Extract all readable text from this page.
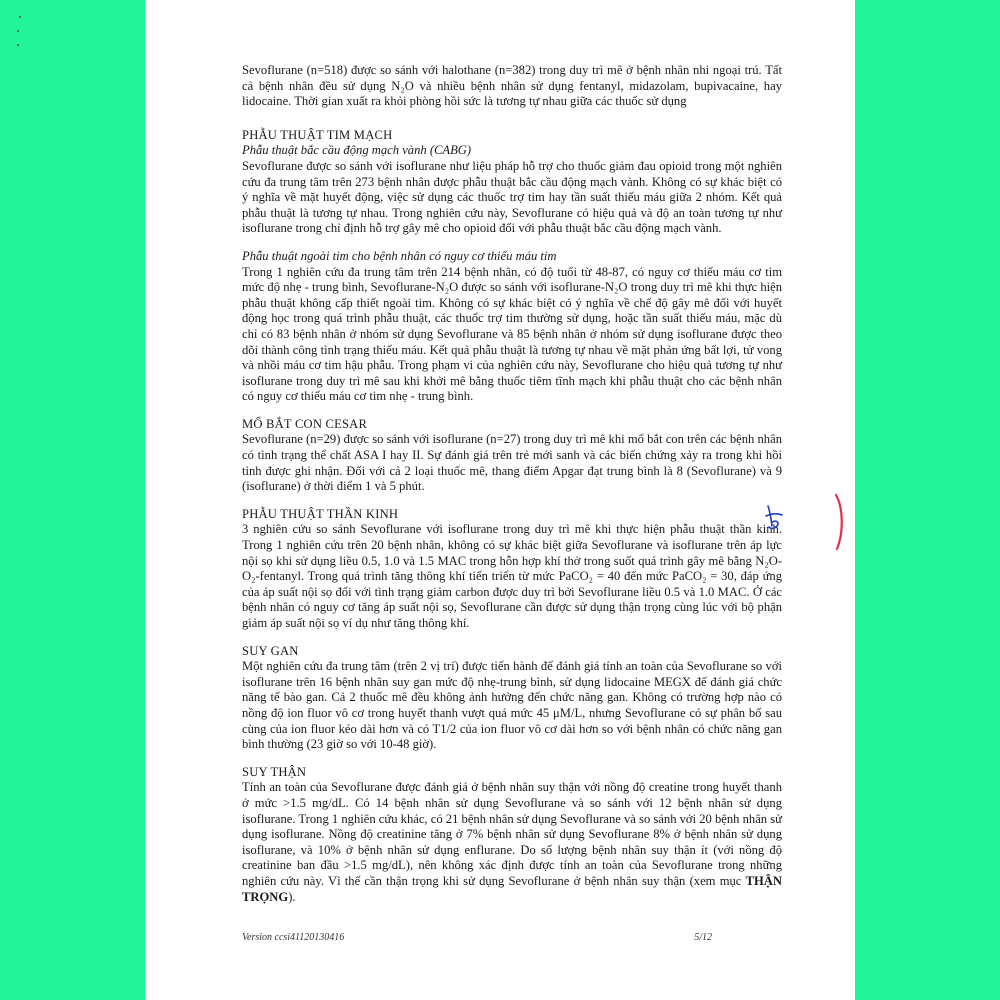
Sevoflurane (n=518) được so sánh với halothane (n=382) trong duy trì mê ở bệnh nhân nhi ngoại trú. Tất cả bệnh nhân đều sử dụng N₂O và nhiều bệnh nhân sử dụng fentanyl, midazolam, bupivacaine, hay lidocaine. Thời gian xuất ra khỏi phòng hồi sức là tương tự nhau giữa các thuốc sử dụng

PHẪU THUẬT TIM MẠCH

Phẫu thuật bắc cầu động mạch vành (CABG)

Sevoflurane được so sánh với isoflurane như liệu pháp hỗ trợ cho thuốc giảm đau opioid trong một nghiên cứu đa trung tâm trên 273 bệnh nhân được phẫu thuật bắc cầu động mạch vành. Không có sự khác biệt có ý nghĩa về mặt huyết động, việc sử dụng các thuốc trợ tim hay tần suất thiếu máu giữa 2 nhóm. Kết quả phẫu thuật là tương tự nhau. Trong nghiên cứu này, Sevoflurane có hiệu quả và độ an toàn tương tự như isoflurane trong chỉ định hỗ trợ gây mê cho opioid đối với phẫu thuật bắc cầu động mạch vành.

Phẫu thuật ngoài tim cho bệnh nhân có nguy cơ thiếu máu tim

Trong 1 nghiên cứu đa trung tâm trên 214 bệnh nhân, có độ tuổi từ 48-87, có nguy cơ thiếu máu cơ tim mức độ nhẹ - trung bình, Sevoflurane-N₂O được so sánh với isoflurane-N₂O trong duy trì mê khi thực hiện phẫu thuật không cấp thiết ngoài tim. Không có sự khác biệt có ý nghĩa về chế độ gây mê đối với huyết động học trong quá trình phẫu thuật, các thuốc trợ tim thường sử dụng, hoặc tần suất thiếu máu, mặc dù chỉ có 83 bệnh nhân ở nhóm sử dụng Sevoflurane và 85 bệnh nhân ở nhóm sử dụng isoflurane được theo dõi thành công tình trạng thiếu máu. Kết quả phẫu thuật là tương tự nhau về mặt phản ứng bất lợi, tử vong và nhồi máu cơ tim hậu phẫu. Trong phạm vi của nghiên cứu này, Sevoflurane cho hiệu quả tương tự như isoflurane trong duy trì mê sau khi khởi mê bằng thuốc tiêm tĩnh mạch khi phẫu thuật cho các bệnh nhân có nguy cơ thiếu máu cơ tim nhẹ - trung bình.

MỔ BẮT CON CESAR

Sevoflurane (n=29) được so sánh với isoflurane (n=27) trong duy trì mê khi mổ bắt con trên các bệnh nhân có tình trạng thể chất ASA I hay II. Sự đánh giá trên trẻ mới sanh và các biến chứng xảy ra trong khi hồi tỉnh được ghi nhận. Đối với cả 2 loại thuốc mê, thang điểm Apgar đạt trung bình là 8 (Sevoflurane) và 9 (isoflurane) ở thời điểm 1 và 5 phút.

PHẪU THUẬT THẦN KINH

3 nghiên cứu so sánh Sevoflurane với isoflurane trong duy trì mê khi thực hiện phẫu thuật thần kinh. Trong 1 nghiên cứu trên 20 bệnh nhân, không có sự khác biệt giữa Sevoflurane và isoflurane trên áp lực nội sọ khi sử dụng liều 0.5, 1.0 và 1.5 MAC trong hỗn hợp khí thở trong suốt quá trình gây mê bằng N₂O-O₂-fentanyl. Trong quá trình tăng thông khí tiến triển từ mức PaCO₂ = 40 đến mức PaCO₂ = 30, đáp ứng của áp suất nội sọ đối với tình trạng giảm carbon được duy trì bởi Sevoflurane liều 0.5 và 1.0 MAC. Ở các bệnh nhân có nguy cơ tăng áp suất nội sọ, Sevoflurane cần được sử dụng thận trọng cùng lúc với bộ phận giảm áp suất nội sọ ví dụ như tăng thông khí.

SUY GAN

Một nghiên cứu đa trung tâm (trên 2 vị trí) được tiến hành để đánh giá tính an toàn của Sevoflurane so với isoflurane trên 16 bệnh nhân suy gan mức độ nhẹ-trung bình, sử dụng lidocaine MEGX để đánh giá chức năng tế bào gan. Cả 2 thuốc mê đều không ảnh hưởng đến chức năng gan. Không có trường hợp nào có nồng độ ion fluor vô cơ trong huyết thanh vượt quá mức 45 μM/L, nhưng Sevoflurane có sự phân bố sau cùng của ion fluor kéo dài hơn và có T1/2 của ion fluor vô cơ dài hơn so với bệnh nhân có chức năng gan bình thường (23 giờ so với 10-48 giờ).

SUY THẬN

Tính an toàn của Sevoflurane được đánh giá ở bệnh nhân suy thận với nồng độ creatine trong huyết thanh ở mức >1.5 mg/dL. Có 14 bệnh nhân sử dụng Sevoflurane và so sánh với 12 bệnh nhân sử dụng isoflurane. Trong 1 nghiên cứu khác, có 21 bệnh nhân sử dụng Sevoflurane và so sánh với 20 bệnh nhân sử dụng isoflurane. Nồng độ creatinine tăng ở 7% bệnh nhân sử dụng Sevoflurane 8% ở bệnh nhân sử dụng isoflurane, và 10% ở bệnh nhân sử dụng enflurane. Do số lượng bệnh nhân suy thận ít (với nồng độ creatinine ban đầu >1.5 mg/dL), nên không xác định được tính an toàn của Sevoflurane trong những nghiên cứu này. Vì thế cần thận trọng khi sử dụng Sevoflurane ở bệnh nhân suy thận (xem mục THẬN TRỌNG).

Version ccsi41120130416	5/12
